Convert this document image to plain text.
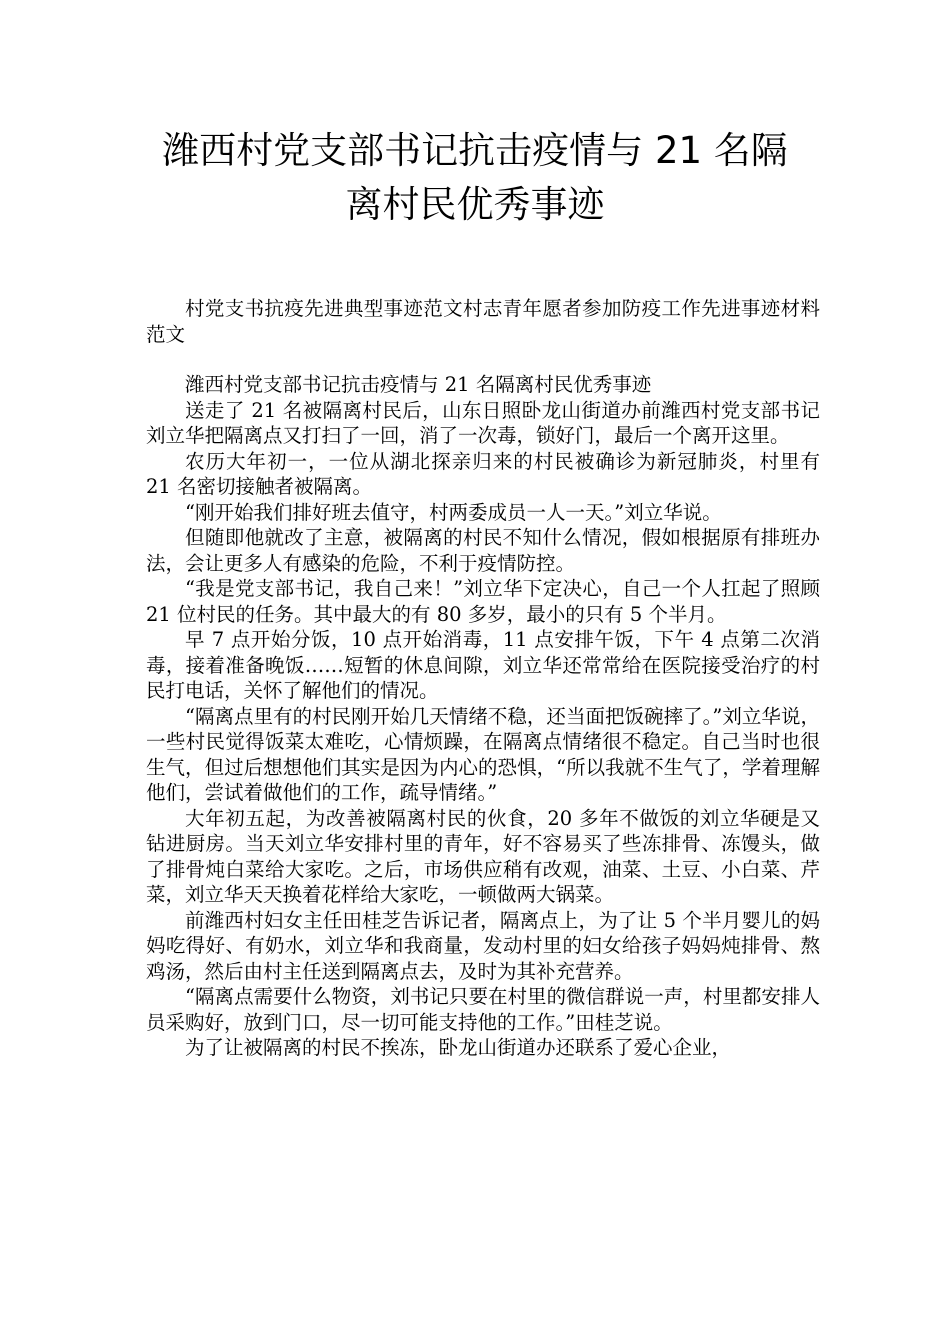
潍西村党支部书记抗击疫情与 21 名隔
离村民优秀事迹

村党支书抗疫先进典型事迹范文村志青年愿者参加防疫工作先进事迹材料范文

潍西村党支部书记抗击疫情与 21 名隔离村民优秀事迹

送走了 21 名被隔离村民后，山东日照卧龙山街道办前潍西村党支部书记刘立华把隔离点又打扫了一回，消了一次毒，锁好门，最后一个离开这里。

农历大年初一，一位从湖北探亲归来的村民被确诊为新冠肺炎，村里有 21 名密切接触者被隔离。

“刚开始我们排好班去值守，村两委成员一人一天。”刘立华说。

但随即他就改了主意，被隔离的村民不知什么情况，假如根据原有排班办法，会让更多人有感染的危险，不利于疫情防控。

“我是党支部书记，我自己来！”刘立华下定决心，自己一个人扛起了照顾 21 位村民的任务。其中最大的有 80 多岁，最小的只有 5 个半月。

早 7 点开始分饭，10 点开始消毒，11 点安排午饭，下午 4 点第二次消毒，接着准备晚饭……短暂的休息间隙，刘立华还常常给在医院接受治疗的村民打电话，关怀了解他们的情况。

“隔离点里有的村民刚开始几天情绪不稳，还当面把饭碗摔了。”刘立华说，一些村民觉得饭菜太难吃，心情烦躁，在隔离点情绪很不稳定。自己当时也很生气，但过后想想他们其实是因为内心的恐惧，“所以我就不生气了，学着理解他们，尝试着做他们的工作，疏导情绪。”

大年初五起，为改善被隔离村民的伙食，20 多年不做饭的刘立华硬是又钻进厨房。当天刘立华安排村里的青年，好不容易买了些冻排骨、冻馒头，做了排骨炖白菜给大家吃。之后，市场供应稍有改观，油菜、土豆、小白菜、芹菜，刘立华天天换着花样给大家吃，一顿做两大锅菜。

前潍西村妇女主任田桂芝告诉记者，隔离点上，为了让 5 个半月婴儿的妈妈吃得好、有奶水，刘立华和我商量，发动村里的妇女给孩子妈妈炖排骨、熬鸡汤，然后由村主任送到隔离点去，及时为其补充营养。

“隔离点需要什么物资，刘书记只要在村里的微信群说一声，村里都安排人员采购好，放到门口，尽一切可能支持他的工作。”田桂芝说。

为了让被隔离的村民不挨冻，卧龙山街道办还联系了爱心企业，
